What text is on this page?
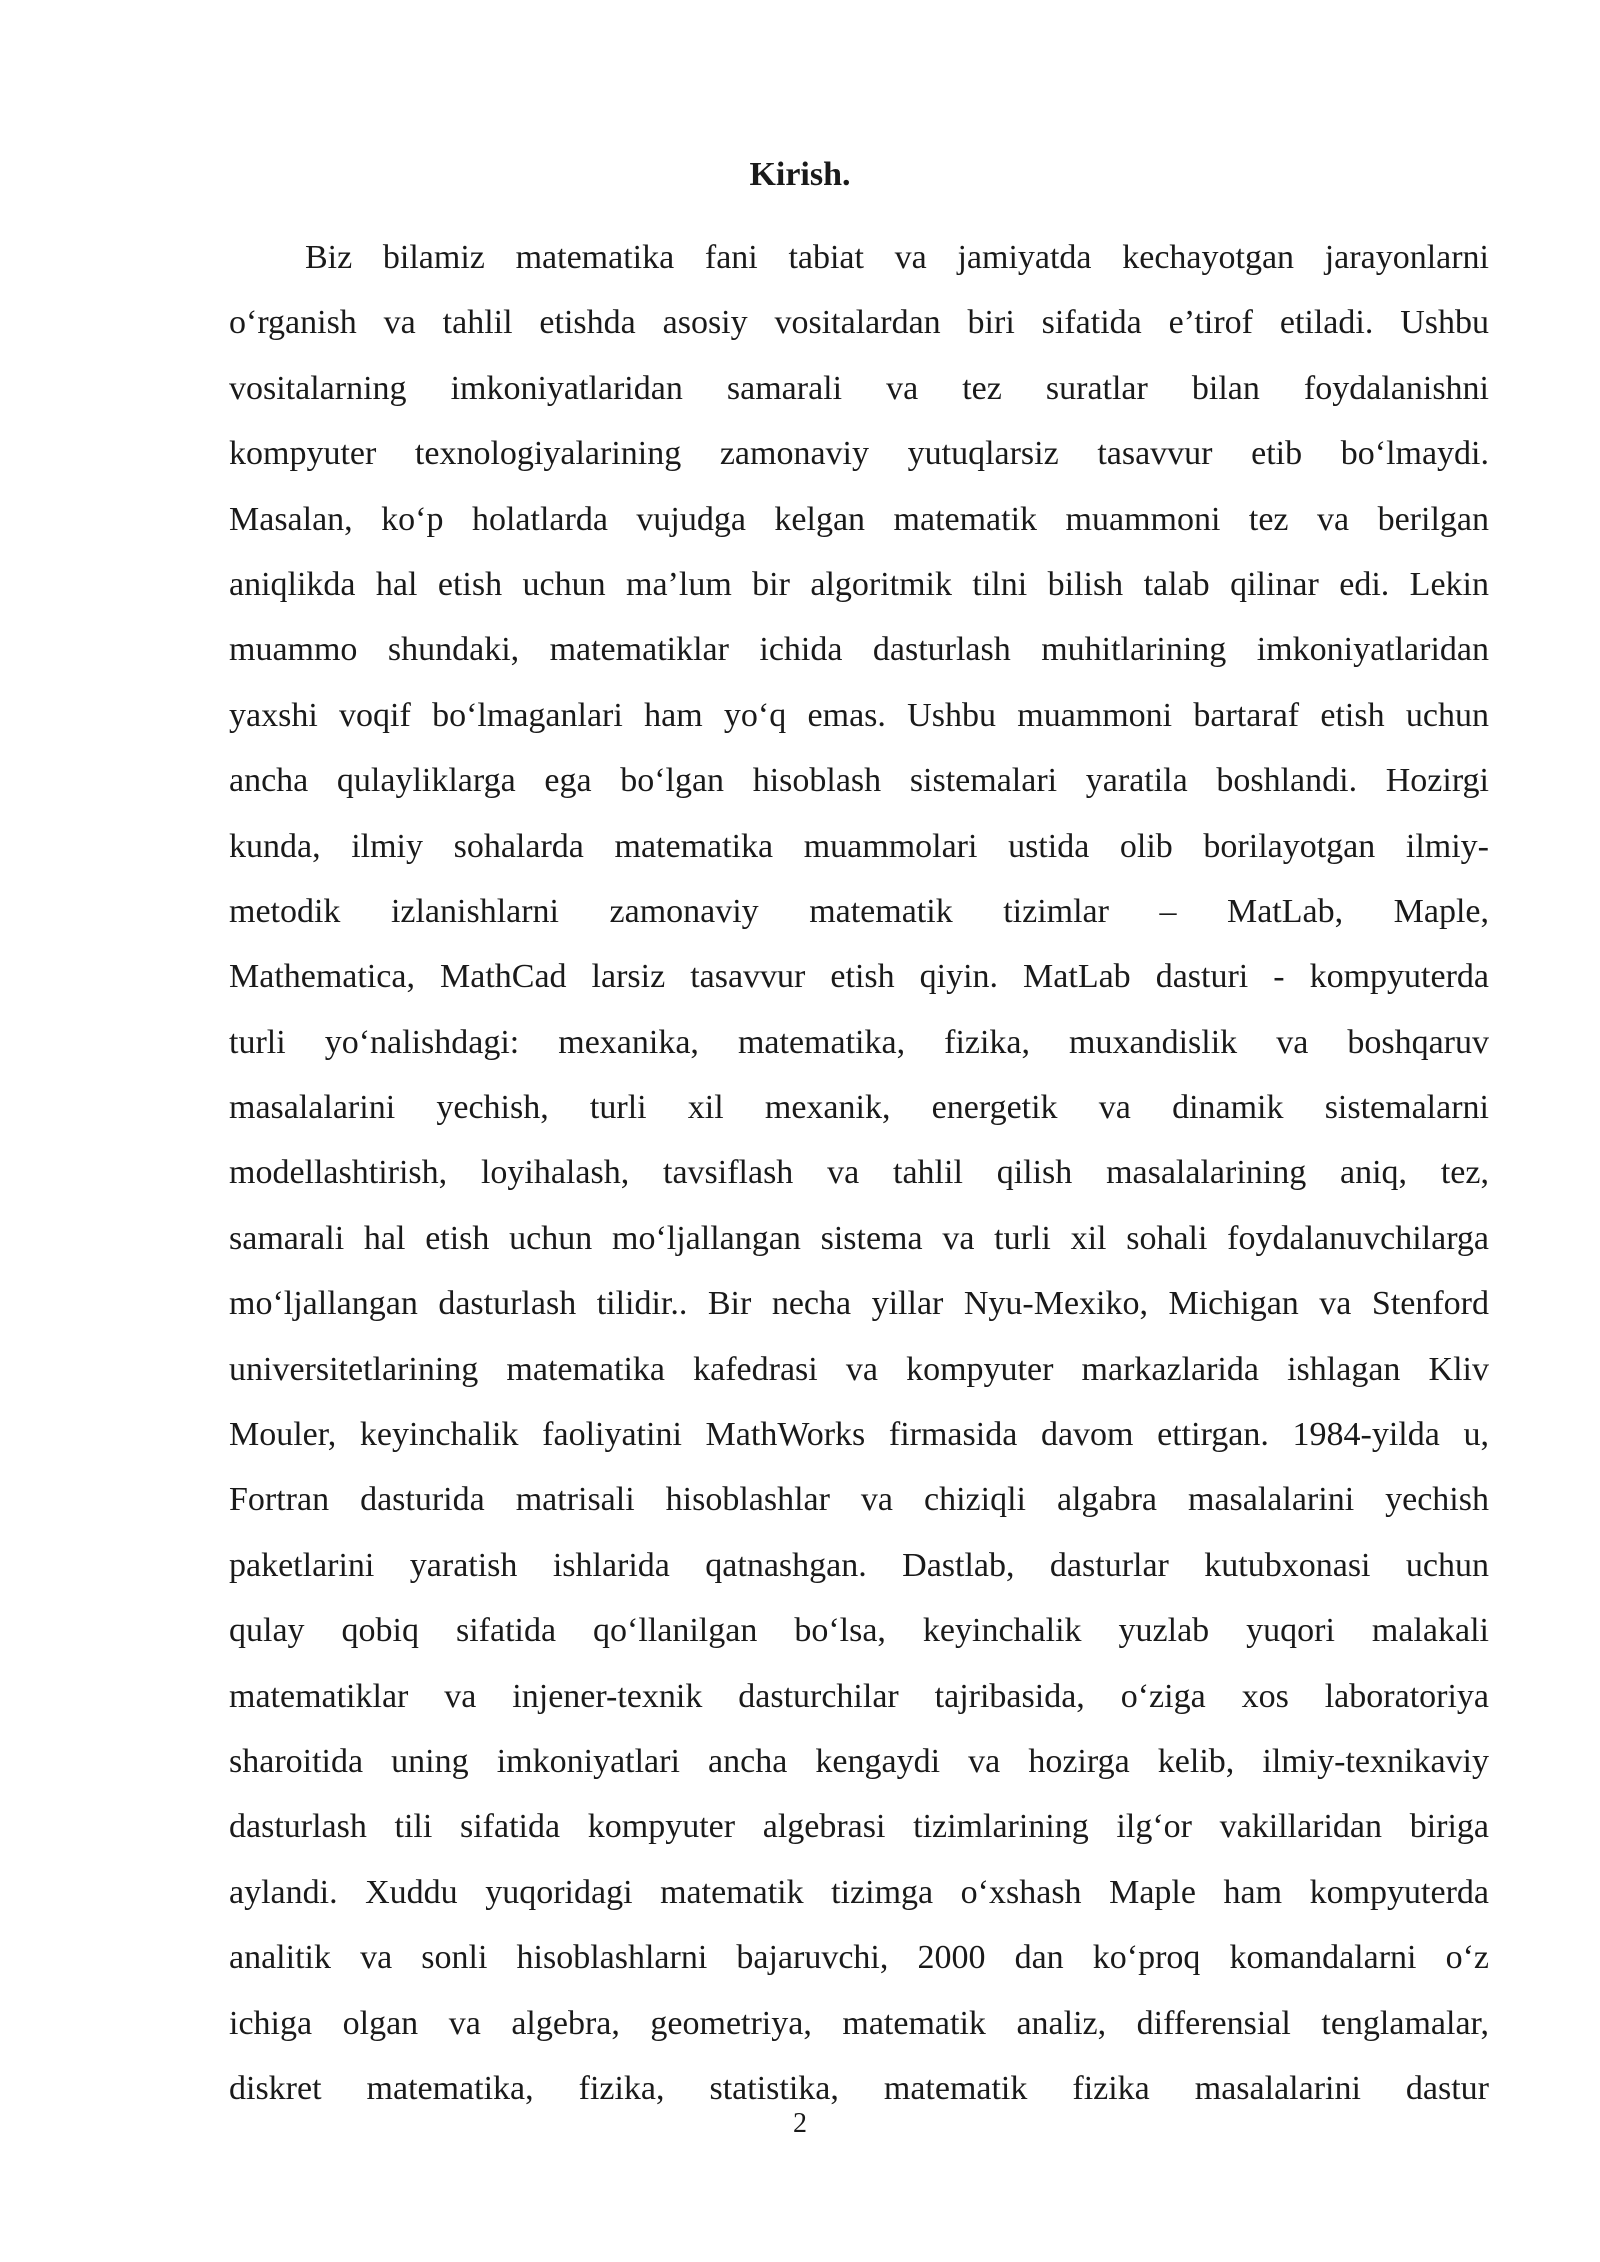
Kirish.
Biz bilamiz matematika fani tabiat va jamiyatda kechayotgan jarayonlarni
o‘rganish va tahlil etishda asosiy vositalardan biri sifatida e’tirof etiladi. Ushbu
vositalarning imkoniyatlaridan samarali va tez suratlar bilan foydalanishni
kompyuter texnologiyalarining zamonaviy yutuqlarsiz tasavvur etib bo‘lmaydi.
Masalan, ko‘p holatlarda vujudga kelgan matematik muammoni tez va berilgan
aniqlikda hal etish uchun ma’lum bir algoritmik tilni bilish talab qilinar edi. Lekin
muammo shundaki, matematiklar ichida dasturlash muhitlarining imkoniyatlaridan
yaxshi voqif bo‘lmaganlari ham yo‘q emas. Ushbu muammoni bartaraf etish uchun
ancha qulayliklarga ega bo‘lgan hisoblash sistemalari yaratila boshlandi. Hozirgi
kunda, ilmiy sohalarda matematika muammolari ustida olib borilayotgan ilmiy-
metodik izlanishlarni zamonaviy matematik tizimlar – MatLab, Maple,
Mathematica, MathCad larsiz tasavvur etish qiyin. MatLab dasturi - kompyuterda
turli yo‘nalishdagi: mexanika, matematika, fizika, muxandislik va boshqaruv
masalalarini yechish, turli xil mexanik, energetik va dinamik sistemalarni
modellashtirish, loyihalash, tavsiflash va tahlil qilish masalalarining aniq, tez,
samarali hal etish uchun mo‘ljallangan sistema va turli xil sohali foydalanuvchilarga
mo‘ljallangan dasturlash tilidir.. Bir necha yillar Nyu-Mexiko, Michigan va Stenford
universitetlarining matematika kafedrasi va kompyuter markazlarida ishlagan Kliv
Mouler, keyinchalik faoliyatini MathWorks firmasida davom ettirgan. 1984-yilda u,
Fortran dasturida matrisali hisoblashlar va chiziqli algabra masalalarini yechish
paketlarini yaratish ishlarida qatnashgan. Dastlab, dasturlar kutubxonasi uchun
qulay qobiq sifatida qo‘llanilgan bo‘lsa, keyinchalik yuzlab yuqori malakali
matematiklar va injener-texnik dasturchilar tajribasida, o‘ziga xos laboratoriya
sharoitida uning imkoniyatlari ancha kengaydi va hozirga kelib, ilmiy-texnikaviy
dasturlash tili sifatida kompyuter algebrasi tizimlarining ilg‘or vakillaridan biriga
aylandi. Xuddu yuqoridagi matematik tizimga o‘xshash Maple ham kompyuterda
analitik va sonli hisoblashlarni bajaruvchi, 2000 dan ko‘proq komandalarni o‘z
ichiga olgan va algebra, geometriya, matematik analiz, differensial tenglamalar,
diskret matematika, fizika, statistika, matematik fizika masalalarini dastur
2
